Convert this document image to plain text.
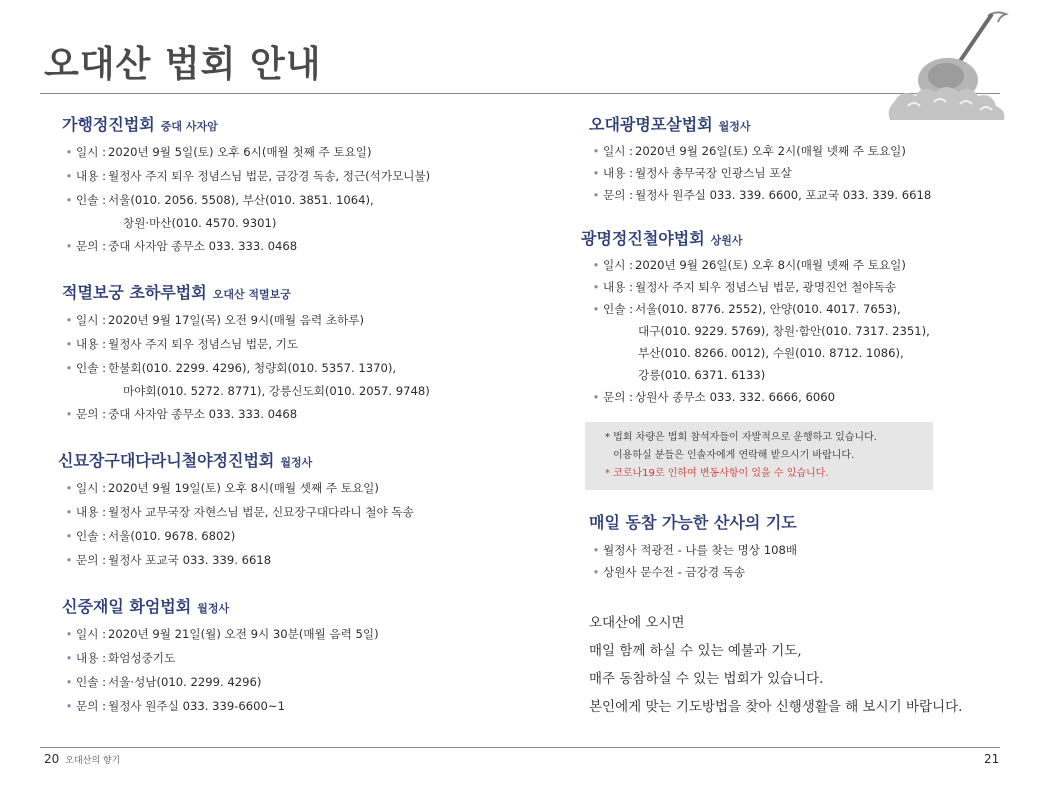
오대산 법회 안내
가행정진법회 중대 사자암
• 일시 : 2020년 9월 5일(토) 오후 6시(매월 첫째 주 토요일)
• 내용 : 월정사 주지 퇴우 정념스님 법문, 금강경 독송, 정근(석가모니불)
• 인솔 : 서울(010. 2056. 5508), 부산(010. 3851. 1064),
창원·마산(010. 4570. 9301)
• 문의 : 중대 사자암 종무소 033. 333. 0468
적멸보궁 초하루법회 오대산 적멸보궁
• 일시 : 2020년 9월 17일(목) 오전 9시(매월 음력 초하루)
• 내용 : 월정사 주지 퇴우 정념스님 법문, 기도
• 인솔 : 한불회(010. 2299. 4296), 청량회(010. 5357. 1370),
마야회(010. 5272. 8771), 강릉신도회(010. 2057. 9748)
• 문의 : 중대 사자암 종무소 033. 333. 0468
신묘장구대다라니철야정진법회 월정사
• 일시 : 2020년 9월 19일(토) 오후 8시(매월 셋째 주 토요일)
• 내용 : 월정사 교무국장 자현스님 법문, 신묘장구대다라니 철야 독송
• 인솔 : 서울(010. 9678. 6802)
• 문의 : 월정사 포교국 033. 339. 6618
신중재일 화엄법회 월정사
• 일시 : 2020년 9월 21일(월) 오전 9시 30분(매월 음력 5일)
• 내용 : 화엄성중기도
• 인솔 : 서울·성남(010. 2299. 4296)
• 문의 : 월정사 원주실 033. 339-6600~1
오대광명포살법회 월정사
• 일시 : 2020년 9월 26일(토) 오후 2시(매월 넷째 주 토요일)
• 내용 : 월정사 총무국장 인광스님 포살
• 문의 : 월정사 원주실 033. 339. 6600, 포교국 033. 339. 6618
광명정진철야법회 상원사
• 일시 : 2020년 9월 26일(토) 오후 8시(매월 넷째 주 토요일)
• 내용 : 월정사 주지 퇴우 정념스님 법문, 광명진언 철야독송
• 인솔 : 서울(010. 8776. 2552), 안양(010. 4017. 7653),
대구(010. 9229. 5769), 창원·함안(010. 7317. 2351),
부산(010. 8266. 0012), 수원(010. 8712. 1086),
강릉(010. 6371. 6133)
• 문의 : 상원사 종무소 033. 332. 6666, 6060
* 법회 차량은 법회 참석자들이 자발적으로 운행하고 있습니다.
이용하실 분들은 인솔자에게 연락해 받으시기 바랍니다.
* 코로나19로 인하여 변동사항이 있을 수 있습니다.
매일 동참 가능한 산사의 기도
• 월정사 적광전 - 나를 찾는 명상 108배
• 상원사 문수전 - 금강경 독송
오대산에 오시면
매일 함께 하실 수 있는 예불과 기도,
매주 동참하실 수 있는 법회가 있습니다.
본인에게 맞는 기도방법을 찾아 신행생활을 해 보시기 바랍니다.
20 오대산의 향기	21
